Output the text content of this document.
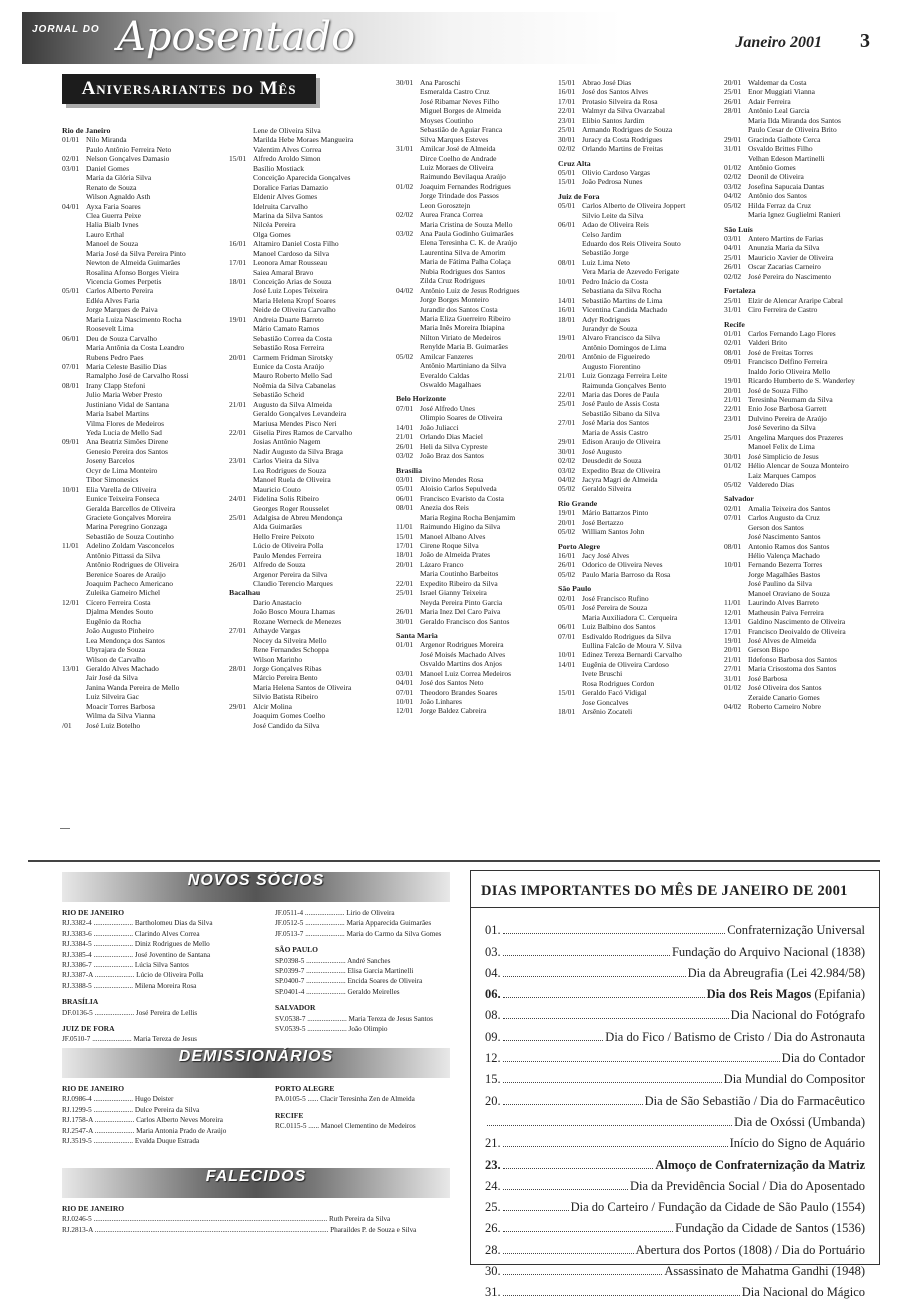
JORNAL DO Aposentado	Janeiro 2001 3
Aniversariantes do Mês
Rio de Janeiro
01/01 Nilo Miranda
Paulo Antônio Ferreira Neto
02/01 Nelson Gonçalves Damasio
03/01 Daniel Gomes
Maria da Glória Silva
Renato de Souza
Wilson Agnaldo Asth
04/01 Ayxa Faria Soares
Clea Guerra Peixe
Halia Bialb Ivnes
Lauro Erthal
Manoel de Souza
Maria José da Silva Pereira Pinto
Newton de Almeida Guimarães
Rosalina Afonso Borges Vieira
Vicencia Gomes Perpetis
05/01 Carlos Alberto Pereira
Edléa Alves Faria
Jorge Marques de Paiva
Maria Luiza Nascimento Rocha
Roosevelt Lima
06/01 Deu de Souza Carvalho
Maria Antônia da Costa Leandro
Rubens Pedro Paes
07/01 Maria Celeste Basilio Dias
Ramalpho José de Carvalho Rossi
08/01 Irany Clapp Stefoni
Julio Maria Weber Presto
Justiniano Vidal de Santana
Maria Isabel Martins
Vilma Flores de Medeiros
Yeda Lucia de Mello Sad
09/01 Ana Beatriz Simões Direne
Genesio Pereira dos Santos
Joseny Barcelos
Ocyr de Lima Monteiro
Tibor Simonesics
10/01 Elia Varella de Oliveira
Eunice Teixeira Fonseca
Geralda Barcellos de Oliveira
Graciete Gonçalves Moreira
Marina Peregrino Gonzaga
Sebastião de Souza Coutinho
11/01 Adelino Zoldam Vasconcelos
Antônio Pittassi da Silva
Antônio Rodrigues de Oliveira
Berenice Soares de Araújo
Joaquim Pacheco Americano
Zuleika Gameiro Michel
12/01 Cícero Ferreira Costa
Djalma Mendes Souto
Eugênio da Rocha
João Augusto Pinheiro
Lea Mendonça dos Santos
Ubyrajara de Souza
Wilson de Carvalho
13/01 Geraldo Alves Machado
Jair José da Silva
Janina Wanda Pereira de Mello
Luiz Silveira Gac
Moacir Torres Barbosa
Wilma da Silva Vianna
/01 José Luiz Botelho
Lene de Oliveira Silva
Marilda Hebe Moraes Mangueira
Valentim Alves Correa
15/01 Alfredo Aroldo Simon
Basílio Mostiack
Conceição Aparecida Gonçalves
Doralice Farias Damazio
Eldenir Alves Gomes
Idelruita Carvalho
Marina da Silva Santos
Nilcéa Pereira
Olga Gomes
16/01 Altamiro Daniel Costa Filho
Manoel Cardoso da Silva
17/01 Leonora Amar Rousseau
Saiea Amaral Bravo
18/01 Conceição Arias de Souza
José Luiz Lopes Teixeira
Maria Helena Kropf Soares
Neide de Oliveira Carvalho
19/01 Andreia Duarte Barreto
Mário Camato Ramos
Sebastião Correa da Costa
Sebastião Rosa Ferreira
20/01 Carmem Fridman Sirotsky
Eunice da Costa Araújo
Mauro Roberto Mello Sad
Noêmia da Silva Cabanelas
Sebastião Scheid
21/01 Augusto da Silva Almeida
Geraldo Gonçalves Levandeira
Mariusa Mendes Pisco Neri
22/01 Giselia Pires Ramos de Carvalho
Josias Antônio Nagem
Nadir Augusto da Silva Braga
23/01 Carlos Vieira da Silva
Lea Rodrigues de Souza
Manoel Ruela de Oliveira
Mauricio Couto
24/01 Fidelina Solis Ribeiro
Georges Roger Rousselet
25/01 Adalgisa de Abreu Mendonça
Alda Guimarães
Hello Freire Peixoto
Lúcio de Oliveira Polla
Paulo Mendes Ferreira
26/01 Alfredo de Souza
Argenor Pereira da Silva
Claudio Terencio Marques
Bacalhau
Dario Anastacio
João Bosco Moura Lhamas
Rozane Werneck de Menezes
27/01 Athayde Vargas
Nocey da Silveira Mello
Rene Fernandes Schoppa
Wilson Marinho
28/01 Jorge Gonçalves Ribas
Márcio Pereira Bento
Maria Helena Santos de Oliveira
Silvio Batista Ribeiro
29/01 Alcir Molina
Joaquim Gomes Coelho
José Candido da Silva
30/01 Ana Paroschi
Esmeralda Castro Cruz
José Ribamar Neves Filho
Miguel Borges de Almeida
Moyses Coutinho
Sebastião de Aguiar Franca
Silva Marques Esteves
31/01 Amilcar José de Almeida
Dirce Coelho de Andrade
Luiz Moraes de Oliveira
Raimundo Bevilaqua Araújo
01/02 Joaquim Fernandes Rodrigues
Jorge Trindade dos Passos
Leon Gorosztejn
02/02 Aurea Franca Correa
Maria Cristina de Souza Mello
03/02 Ana Paula Godinho Guimarães
Elena Teresinha C. K. de Araújo
Laurentina Silva de Amorim
Maria de Fátima Palha Colaça
Nubia Rodrigues dos Santos
Zilda Cruz Rodrigues
04/02 Antônio Luiz de Jesus Rodrigues
Jorge Borges Monteiro
Jurandir dos Santos Costa
Maria Eliza Guerreiro Ribeiro
Maria Inês Moreira Ibiapina
Nilton Viriato de Medeiros
Renylde Maria B. Guimarães
05/02 Amilcar Fanzeres
Antônio Martiniano da Silva
Everaldo Caldas
Oswaldo Magalhaes
Belo Horizonte
07/01 José Alfredo Unes
Olimpio Soares de Oliveira
14/01 João Juliacci
21/01 Orlando Dias Maciel
26/01 Heli da Silva Cypreste
03/02 João Braz dos Santos
Brasília
03/01 Divino Mendes Rosa
05/01 Aloisio Carlos Sepulveda
06/01 Francisco Evaristo da Costa
08/01 Anezia dos Reis
Maria Regina Rocha Benjamim
11/01 Raimundo Higino da Silva
15/01 Manoel Albano Alves
17/01 Cirene Roque Silva
18/01 João de Almeida Prates
20/01 Lázaro Franco
Maria Coutinho Barbeitos
22/01 Expedito Ribeiro da Silva
25/01 Israel Gianny Teixeira
Neyda Pereira Pinto Garcia
26/01 Maria Inez Del Caro Paiva
30/01 Geraldo Francisco dos Santos
Santa Maria
01/01 Argenor Rodrigues Moreira
José Moisés Machado Alves
Osvaldo Martins dos Anjos
03/01 Manoel Luiz Correa Medeiros
04/01 José dos Santos Neto
07/01 Theodoro Brandes Soares
10/01 João Linhares
12/01 Jorge Baldez Cabreira
15/01 Abrao José Dias
16/01 José dos Santos Alves
17/01 Protasio Silveira da Rosa
22/01 Walmyr da Silva Ovarzabal
23/01 Elibio Santos Jardim
25/01 Armando Rodrigues de Souza
30/01 Juracy da Costa Rodrigues
02/02 Orlando Martins de Freitas
Cruz Alta
05/01 Olivio Cardoso Vargas
15/01 João Pedrosa Nunes
Juiz de Fora
05/01 Carlos Alberto de Oliveira Joppert
Silvio Leite da Silva
06/01 Adao de Oliveira Reis
Celso Jardim
Eduardo dos Reis Oliveira Souto
Sebastião Jorge
08/01 Luiz Lima Neto
Vera Maria de Azevedo Ferigate
10/01 Pedro Inácio da Costa
Sebastiana da Silva Rocha
14/01 Sebastião Martins de Lima
16/01 Vicentina Candida Machado
18/01 Adyr Rodrigues
Jurandyr de Souza
19/01 Alvaro Francisco da Silva
Antônio Domingos de Lima
20/01 Antônio de Figueiredo
Augusto Fiorentino
21/01 Luiz Gonzaga Ferreira Leite
Raimunda Gonçalves Bento
22/01 Maria das Dores de Paula
25/01 José Paulo de Assis Costa
Sebastião Sibano da Silva
27/01 José Maria dos Santos
Maria de Assis Castro
29/01 Edison Araujo de Oliveira
30/01 José Augusto
02/02 Deusdedit de Souza
03/02 Expedito Braz de Oliveira
04/02 Jacyra Magri de Almeida
05/02 Geraldo Silveira
Rio Grande
19/01 Mário Battarzos Pinto
20/01 José Bertazzo
05/02 William Santos John
Porto Alegre
16/01 Jacy José Alves
26/01 Odorico de Oliveira Neves
05/02 Paulo Maria Barroso da Rosa
São Paulo
02/01 José Francisco Rufino
05/01 José Pereira de Souza
Maria Auxiliadora C. Cerqueira
06/01 Luiz Balbino dos Santos
07/01 Esdivaldo Rodrigues da Silva
Eullina Falcão de Moura V. Silva
10/01 Edinez Tereza Bernardi Carvalho
14/01 Eugênia de Oliveira Cardoso
Ivete Bruschi
Rosa Rodrigues Cordon
15/01 Geraldo Facó Vidigal
Jose Goncalves
18/01 Arsênio Zocateli
20/01 Waldemar da Costa
25/01 Enor Muggiati Vianna
26/01 Adair Ferreira
28/01 Antônio Leal Garcia
Maria Ilda Miranda dos Santos
Paulo Cesar de Oliveira Brito
29/01 Gracinda Galhote Cerca
31/01 Osvaldo Brittes Filho
Velhan Edeson Martinelli
01/02 Antônio Gomes
02/02 Deonil de Oliveira
03/02 Josefina Sapucaia Dantas
04/02 Antônio dos Santos
05/02 Hilda Ferraz da Cruz
Maria Ignez Guglielmi Ranieri
São Luís
03/01 Antero Martins de Farias
04/01 Anunzia Maria da Silva
25/01 Mauricio Xavier de Oliveira
26/01 Oscar Zacarias Carneiro
02/02 José Pereira do Nascimento
Fortaleza
25/01 Elzir de Alencar Araripe Cabral
31/01 Ciro Ferreira de Castro
Recife
01/01 Carlos Fernando Lago Flores
02/01 Valderi Brito
08/01 José de Freitas Torres
09/01 Francisco Delfino Ferreira
Inaldo Jorio Oliveira Mello
19/01 Ricardo Humberto de S. Wanderley
20/01 José de Souza Filho
21/01 Teresinha Neumam da Silva
22/01 Enio Jose Barbosa Garrett
23/01 Dulvino Pereira de Araújo
José Severino da Silva
25/01 Angelina Marques dos Prazeres
Manoel Felix de Lima
30/01 José Simplicio de Jesus
01/02 Hélio Alencar de Souza Monteiro
Laiz Marques Campos
05/02 Valderedo Dias
Salvador
02/01 Amalia Teixeira dos Santos
07/01 Carlos Augusto da Cruz
Gerson dos Santos
José Nascimento Santos
08/01 Antonio Ramos dos Santos
Hélio Valença Machado
10/01 Fernando Bezerra Torres
Jorge Magalhães Bastos
José Paulino da Silva
Manoel Oraviano de Souza
11/01 Laurindo Alves Barreto
12/01 Matheusin Paiva Ferreira
13/01 Galdino Nascimento de Oliveira
17/01 Francisco Deoivaldo de Oliveira
19/01 José Alves de Almeida
20/01 Gerson Bispo
21/01 Ildefonso Barbosa dos Santos
27/01 Maria Crisostoma dos Santos
31/01 José Barbosa
01/02 José Oliveira dos Santos
Zeraide Canario Gomes
04/02 Roberto Carneiro Nobre
NOVOS SÓCIOS
RIO DE JANEIRO
RJ.3382-4 ...................... Bartholomeu Dias da Silva
RJ.3383-6 ...................... Clarindo Alves Correa
RJ.3384-5 ...................... Diniz Rodrigues de Mello
RJ.3385-4 ...................... José Joventino de Santana
RJ.3386-7 ...................... Lúcia Silva Santos
RJ.3387-A ...................... Lúcio de Oliveira Polla
RJ.3388-5 ...................... Milena Moreira Rosa
BRASÍLIA
DF.0136-5 ...................... José Pereira de Lellis
JUIZ DE FORA
JF.0510-7 ...................... Maria Tereza de Jesus
JF.0511-4 ...................... Lirio de Oliveira
JF.0512-5 ...................... Maria Apparecida Guimarães
JF.0513-7 ...................... Maria do Carmo da Silva Gomes
SÃO PAULO
SP.0398-5 ...................... André Sanches
SP.0399-7 ...................... Elisa Garcia Martinelli
SP.0400-7 ...................... Encida Soares de Oliveira
SP.0401-4 ...................... Geraldo Meirelles
SALVADOR
SV.0538-7 ...................... Maria Tereza de Jesus Santos
SV.0539-5 ...................... João Olimpio
DEMISSIONÁRIOS
RIO DE JANEIRO
RJ.0986-4 ...................... Hugo Deister
RJ.1299-5 ...................... Dulce Pereira da Silva
RJ.1758-A ...................... Carlos Alberto Neves Moreira
RJ.2547-A ...................... Maria Antonia Prado de Araújo
RJ.3519-5 ...................... Evalda Duque Estrada
PORTO ALEGRE
PA.0105-5 ...... Clacir Teresinha Zen de Almeida
RECIFE
RC.0115-5 ...... Manoel Clementino de Medeiros
FALECIDOS
RIO DE JANEIRO
RJ.0246-5 .................................................................................................................................. Ruth Pereira da Silva
RJ.2813-A .................................................................................................................................. Pharaildes P. de Souza e Silva
DIAS IMPORTANTES DO MÊS DE JANEIRO DE 2001
01.	Confraternização Universal
03.	Fundação do Arquivo Nacional (1838)
04.	Dia da Abreugrafia (Lei 42.984/58)
06.	Dia dos Reis Magos (Epifania)
08.	Dia Nacional do Fotógrafo
09.	Dia do Fico / Batismo de Cristo / Dia do Astronauta
12.	Dia do Contador
15.	Dia Mundial do Compositor
20.	Dia de São Sebastião / Dia do Farmacêutico
Dia de Oxóssi (Umbanda)
21.	Início do Signo de Aquário
23.	Almoço de Confraternização da Matriz
24.	Dia da Previdência Social / Dia do Aposentado
25.	Dia do Carteiro / Fundação da Cidade de São Paulo (1554)
26.	Fundação da Cidade de Santos (1536)
28.	Abertura dos Portos (1808) / Dia do Portuário
30.	Assassinato de Mahatma Gandhi (1948)
31.	Dia Nacional do Mágico
